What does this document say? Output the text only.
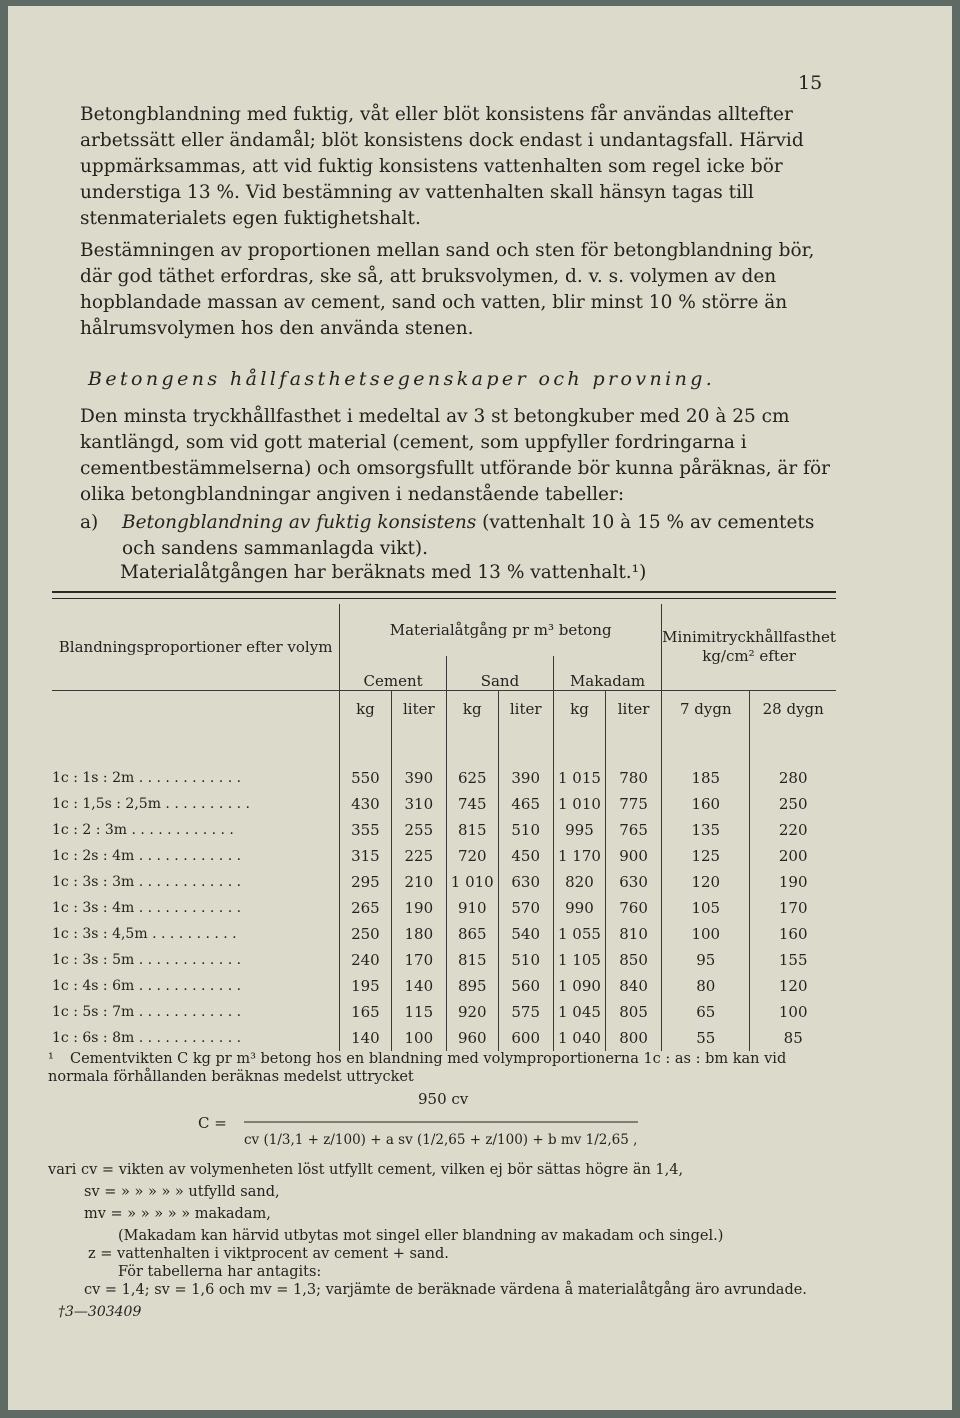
15

Betongblandning med fuktig, våt eller blöt konsistens får användas alltefter arbetssätt eller ändamål; blöt konsistens dock endast i undantagsfall. Härvid uppmärksammas, att vid fuktig konsistens vattenhalten som regel icke bör understiga 13 %. Vid bestämning av vattenhalten skall hänsyn tagas till stenmaterialets egen fuktighetshalt.

Bestämningen av proportionen mellan sand och sten för betongblandning bör, där god täthet erfordras, ske så, att bruksvolymen, d. v. s. volymen av den hopblandade massan av cement, sand och vatten, blir minst 10 % större än hålrumsvolymen hos den använda stenen.

Betongens hållfasthetsegenskaper och provning.

Den minsta tryckhållfasthet i medeltal av 3 st betongkuber med 20 à 25 cm kantlängd, som vid gott material (cement, som uppfyller fordringarna i cementbestämmelserna) och omsorgsfullt utförande bör kunna påräknas, är för olika betongblandningar angiven i nedanstående tabeller:

a) Betongblandning av fuktig konsistens (vattenhalt 10 à 15 % av cementets och sandens sammanlagda vikt).
Materialåtgången har beräknats med 13 % vattenhalt.¹)
Blandningsproportioner efter volym	Materialåtgång pr m³ betong						Minimitryckhållfasthet kg/cm² efter	
	Cement		Sand		Makadam			
	kg	liter	kg	liter	kg	liter	7 dygn	28 dygn

1c : 1s : 2m . . . . . . . . . . . .	550	390	625	390	1 015	780	185	280
1c : 1,5s : 2,5m . . . . . . . . . .	430	310	745	465	1 010	775	160	250
1c : 2 : 3m . . . . . . . . . . . .	355	255	815	510	995	765	135	220
1c : 2s : 4m . . . . . . . . . . . .	315	225	720	450	1 170	900	125	200
1c : 3s : 3m . . . . . . . . . . . .	295	210	1 010	630	820	630	120	190
1c : 3s : 4m . . . . . . . . . . . .	265	190	910	570	990	760	105	170
1c : 3s : 4,5m . . . . . . . . . .	250	180	865	540	1 055	810	100	160
1c : 3s : 5m . . . . . . . . . . . .	240	170	815	510	1 105	850	95	155
1c : 4s : 6m . . . . . . . . . . . .	195	140	895	560	1 090	840	80	120
1c : 5s : 7m . . . . . . . . . . . .	165	115	920	575	1 045	805	65	100
1c : 6s : 8m . . . . . . . . . . . .	140	100	960	600	1 040	800	55	85
¹ Cementvikten C kg pr m³ betong hos en blandning med volymproportionerna 1c : as : bm kan vid
normala förhållanden beräknas medelst uttrycket
C =
950 cv
cv (1/3,1 + z/100) + a sv (1/2,65 + z/100) + b mv 1/2,65 ,
vari cv = vikten av volymenheten löst utfyllt cement, vilken ej bör sättas högre än 1,4,
sv = » » » » » utfylld sand,
mv = » » » » » makadam,
(Makadam kan härvid utbytas mot singel eller blandning av makadam och singel.)
z = vattenhalten i viktprocent av cement + sand.
För tabellerna har antagits:
cv = 1,4; sv = 1,6 och mv = 1,3; varjämte de beräknade värdena å materialåtgång äro avrundade.
†3—303409
